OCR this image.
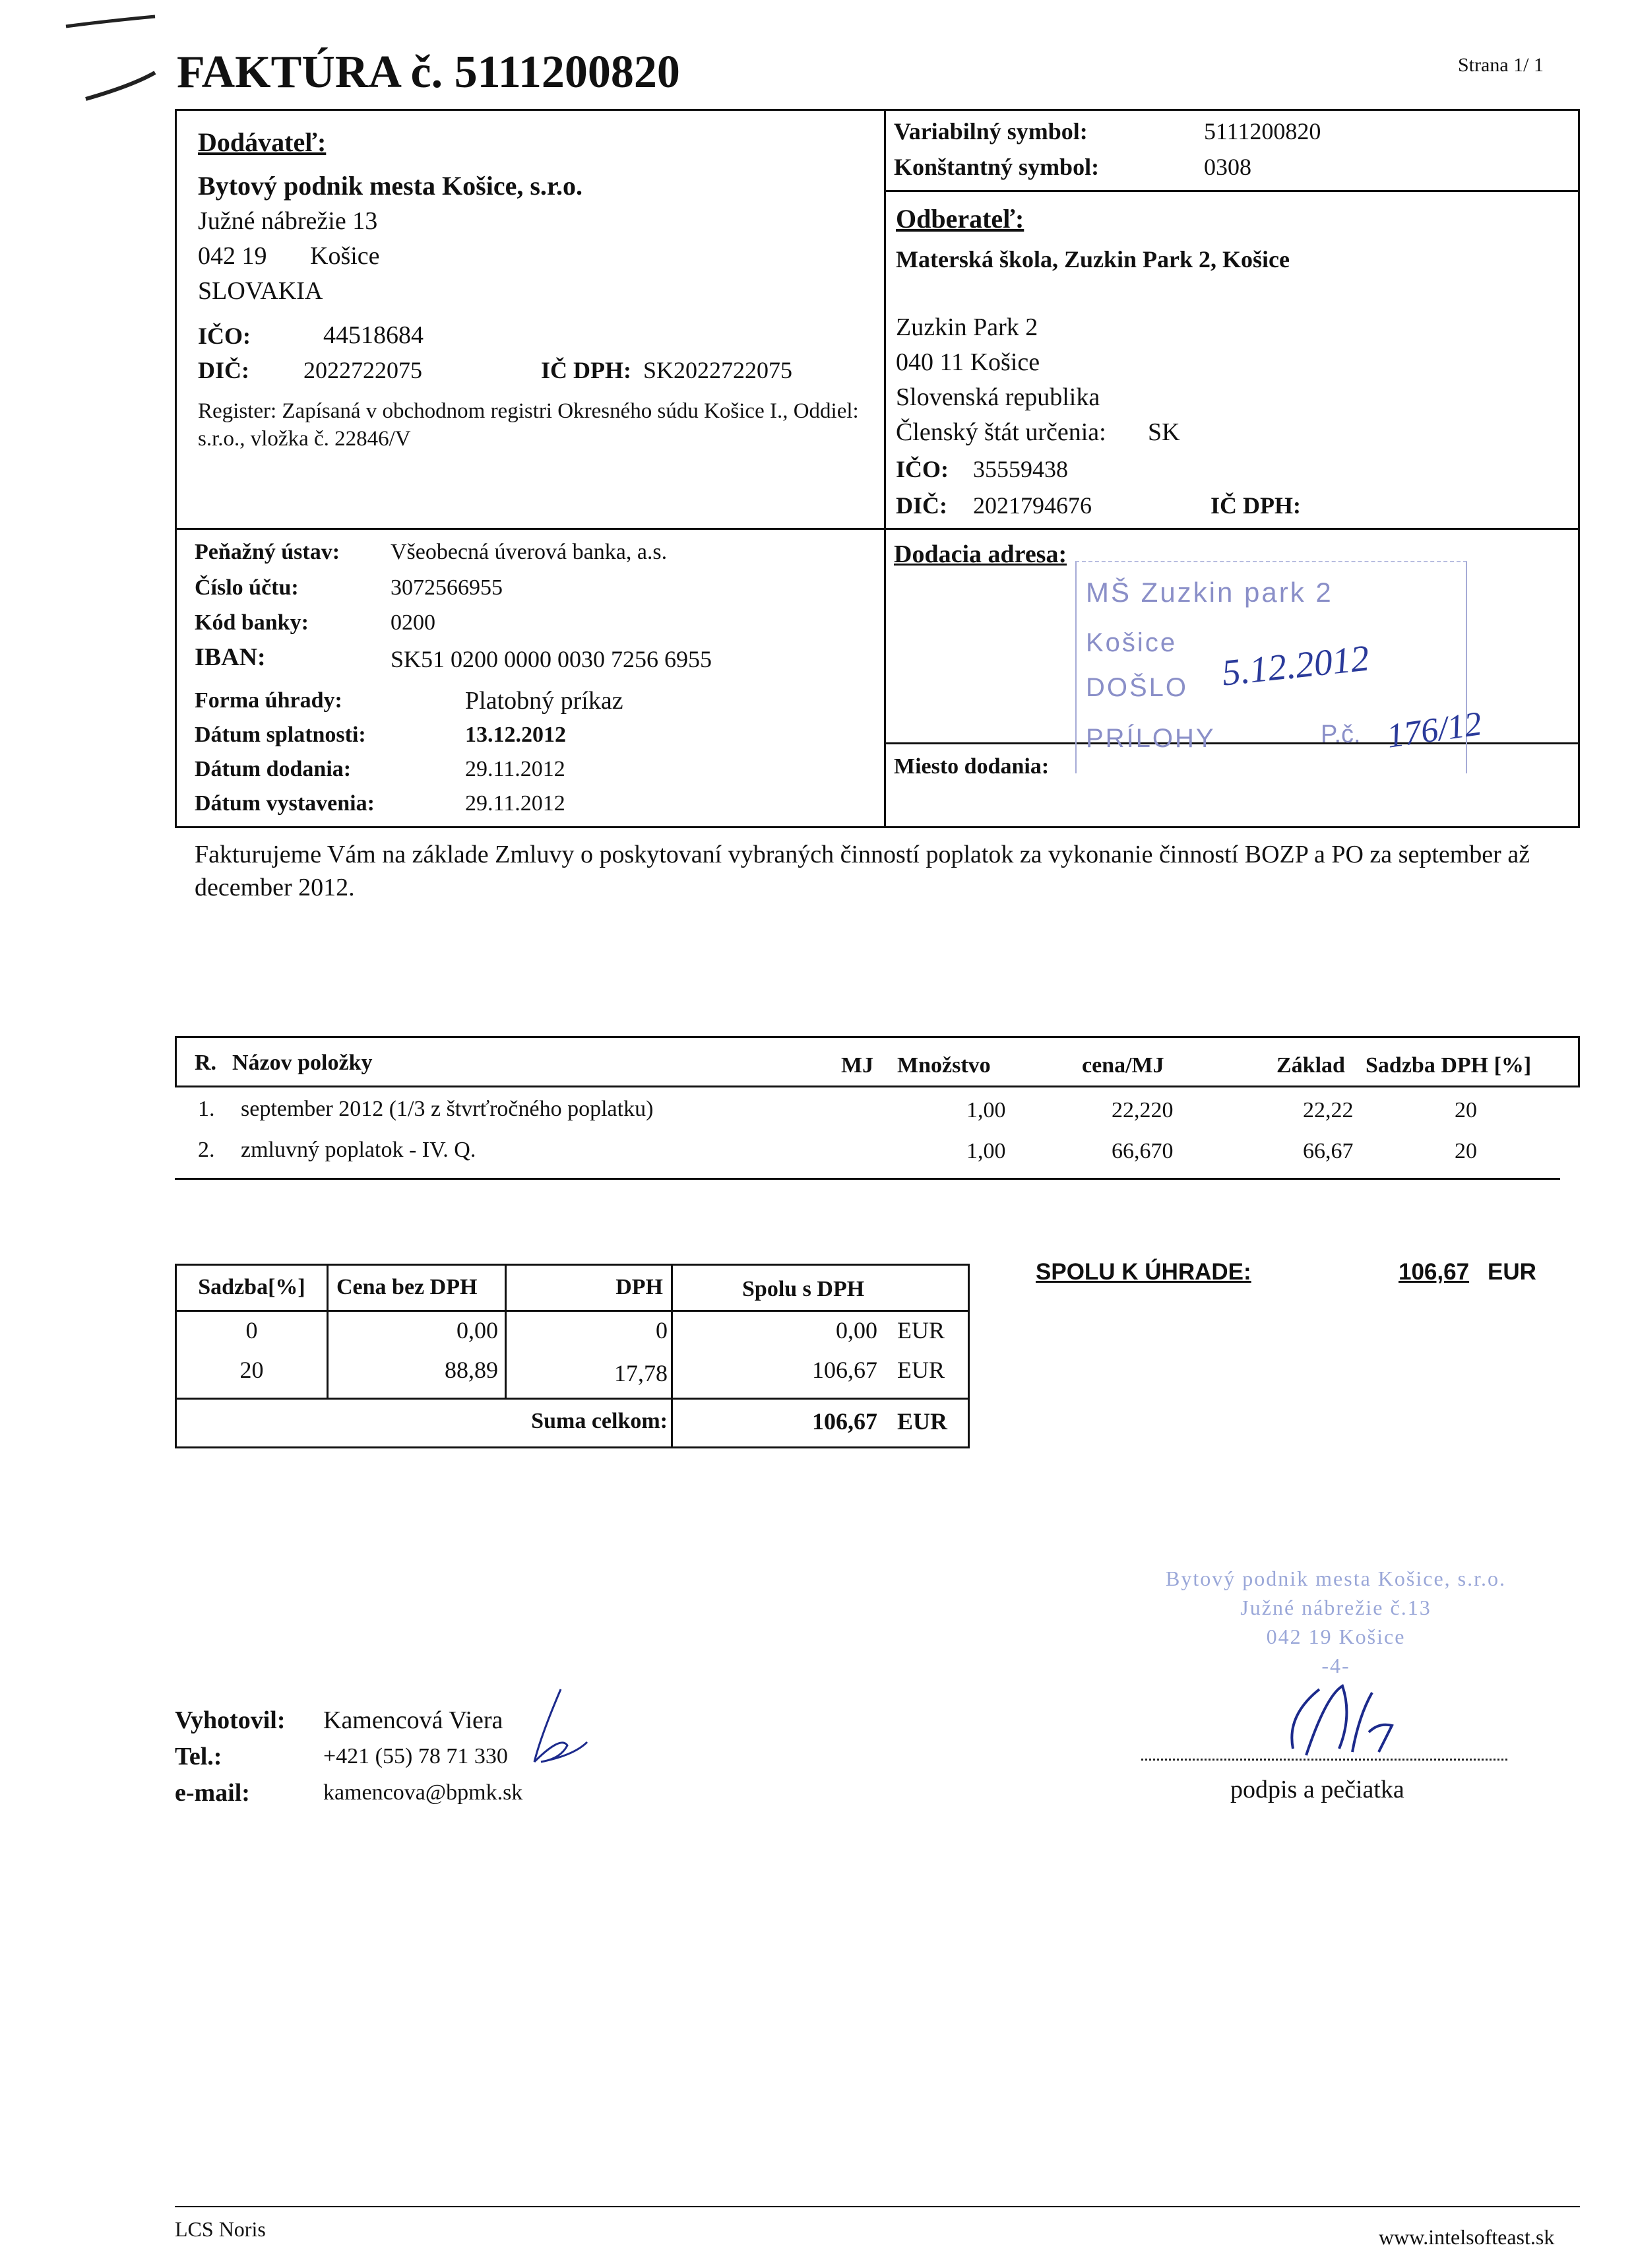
FAKTÚRA č. 5111200820	Strana 1/ 1
Dodávateľ:
Bytový podnik mesta Košice, s.r.o.
Južné nábrežie 13
042 19 Košice
SLOVAKIA
IČO:	44518684
DIČ: 2022722075	IČ DPH: SK2022722075
Register: Zapísaná v obchodnom registri Okresného súdu Košice I., Oddiel: s.r.o., vložka č. 22846/V
Variabilný symbol:	5111200820
Konštantný symbol:	0308
Odberateľ:
Materská škola, Zuzkin Park 2, Košice
Zuzkin Park 2
040 11 Košice
Slovenská republika
Členský štát určenia: SK
IČO: 35559438
DIČ: 2021794676	IČ DPH:
Peňažný ústav: Všeobecná úverová banka, a.s.
Číslo účtu:	3072566955
Kód banky:	0200
IBAN:	SK51 0200 0000 0030 7256 6955
Forma úhrady:	Platobný príkaz
Dátum splatnosti:	13.12.2012
Dátum dodania:	29.11.2012
Dátum vystavenia:	29.11.2012
Dodacia adresa:
Miesto dodania:
MŠ Zuzkin park 2
Košice
DOŠLO
PRÍLOHY
5.12.2012
P.č. 176/12
Fakturujeme Vám na základe Zmluvy o poskytovaní vybraných činností poplatok za vykonanie činností BOZP a PO za september až december 2012.
R. Názov položky	MJ Množstvo	cena/MJ	Základ Sadzba DPH [%]
1. september 2012 (1/3 z štvrťročného poplatku)	1,00	22,220	22,22	20
2. zmluvný poplatok - IV. Q.	1,00	66,670	66,67	20
Sadzba[%]	Cena bez DPH	DPH	Spolu s DPH
0	0,00	0	0,00 EUR
20	88,89	17,78	106,67 EUR
Suma celkom:	106,67 EUR
SPOLU K ÚHRADE:	106,67 EUR
Bytový podnik mesta Košice, s.r.o.
Južné nábrežie č.13
042 19 Košice
-4-
podpis a pečiatka
Vyhotovil: Kamencová Viera
Tel.:	+421 (55) 78 71 330
e-mail:	kamencova@bpmk.sk
LCS Noris	www.intelsofteast.sk
